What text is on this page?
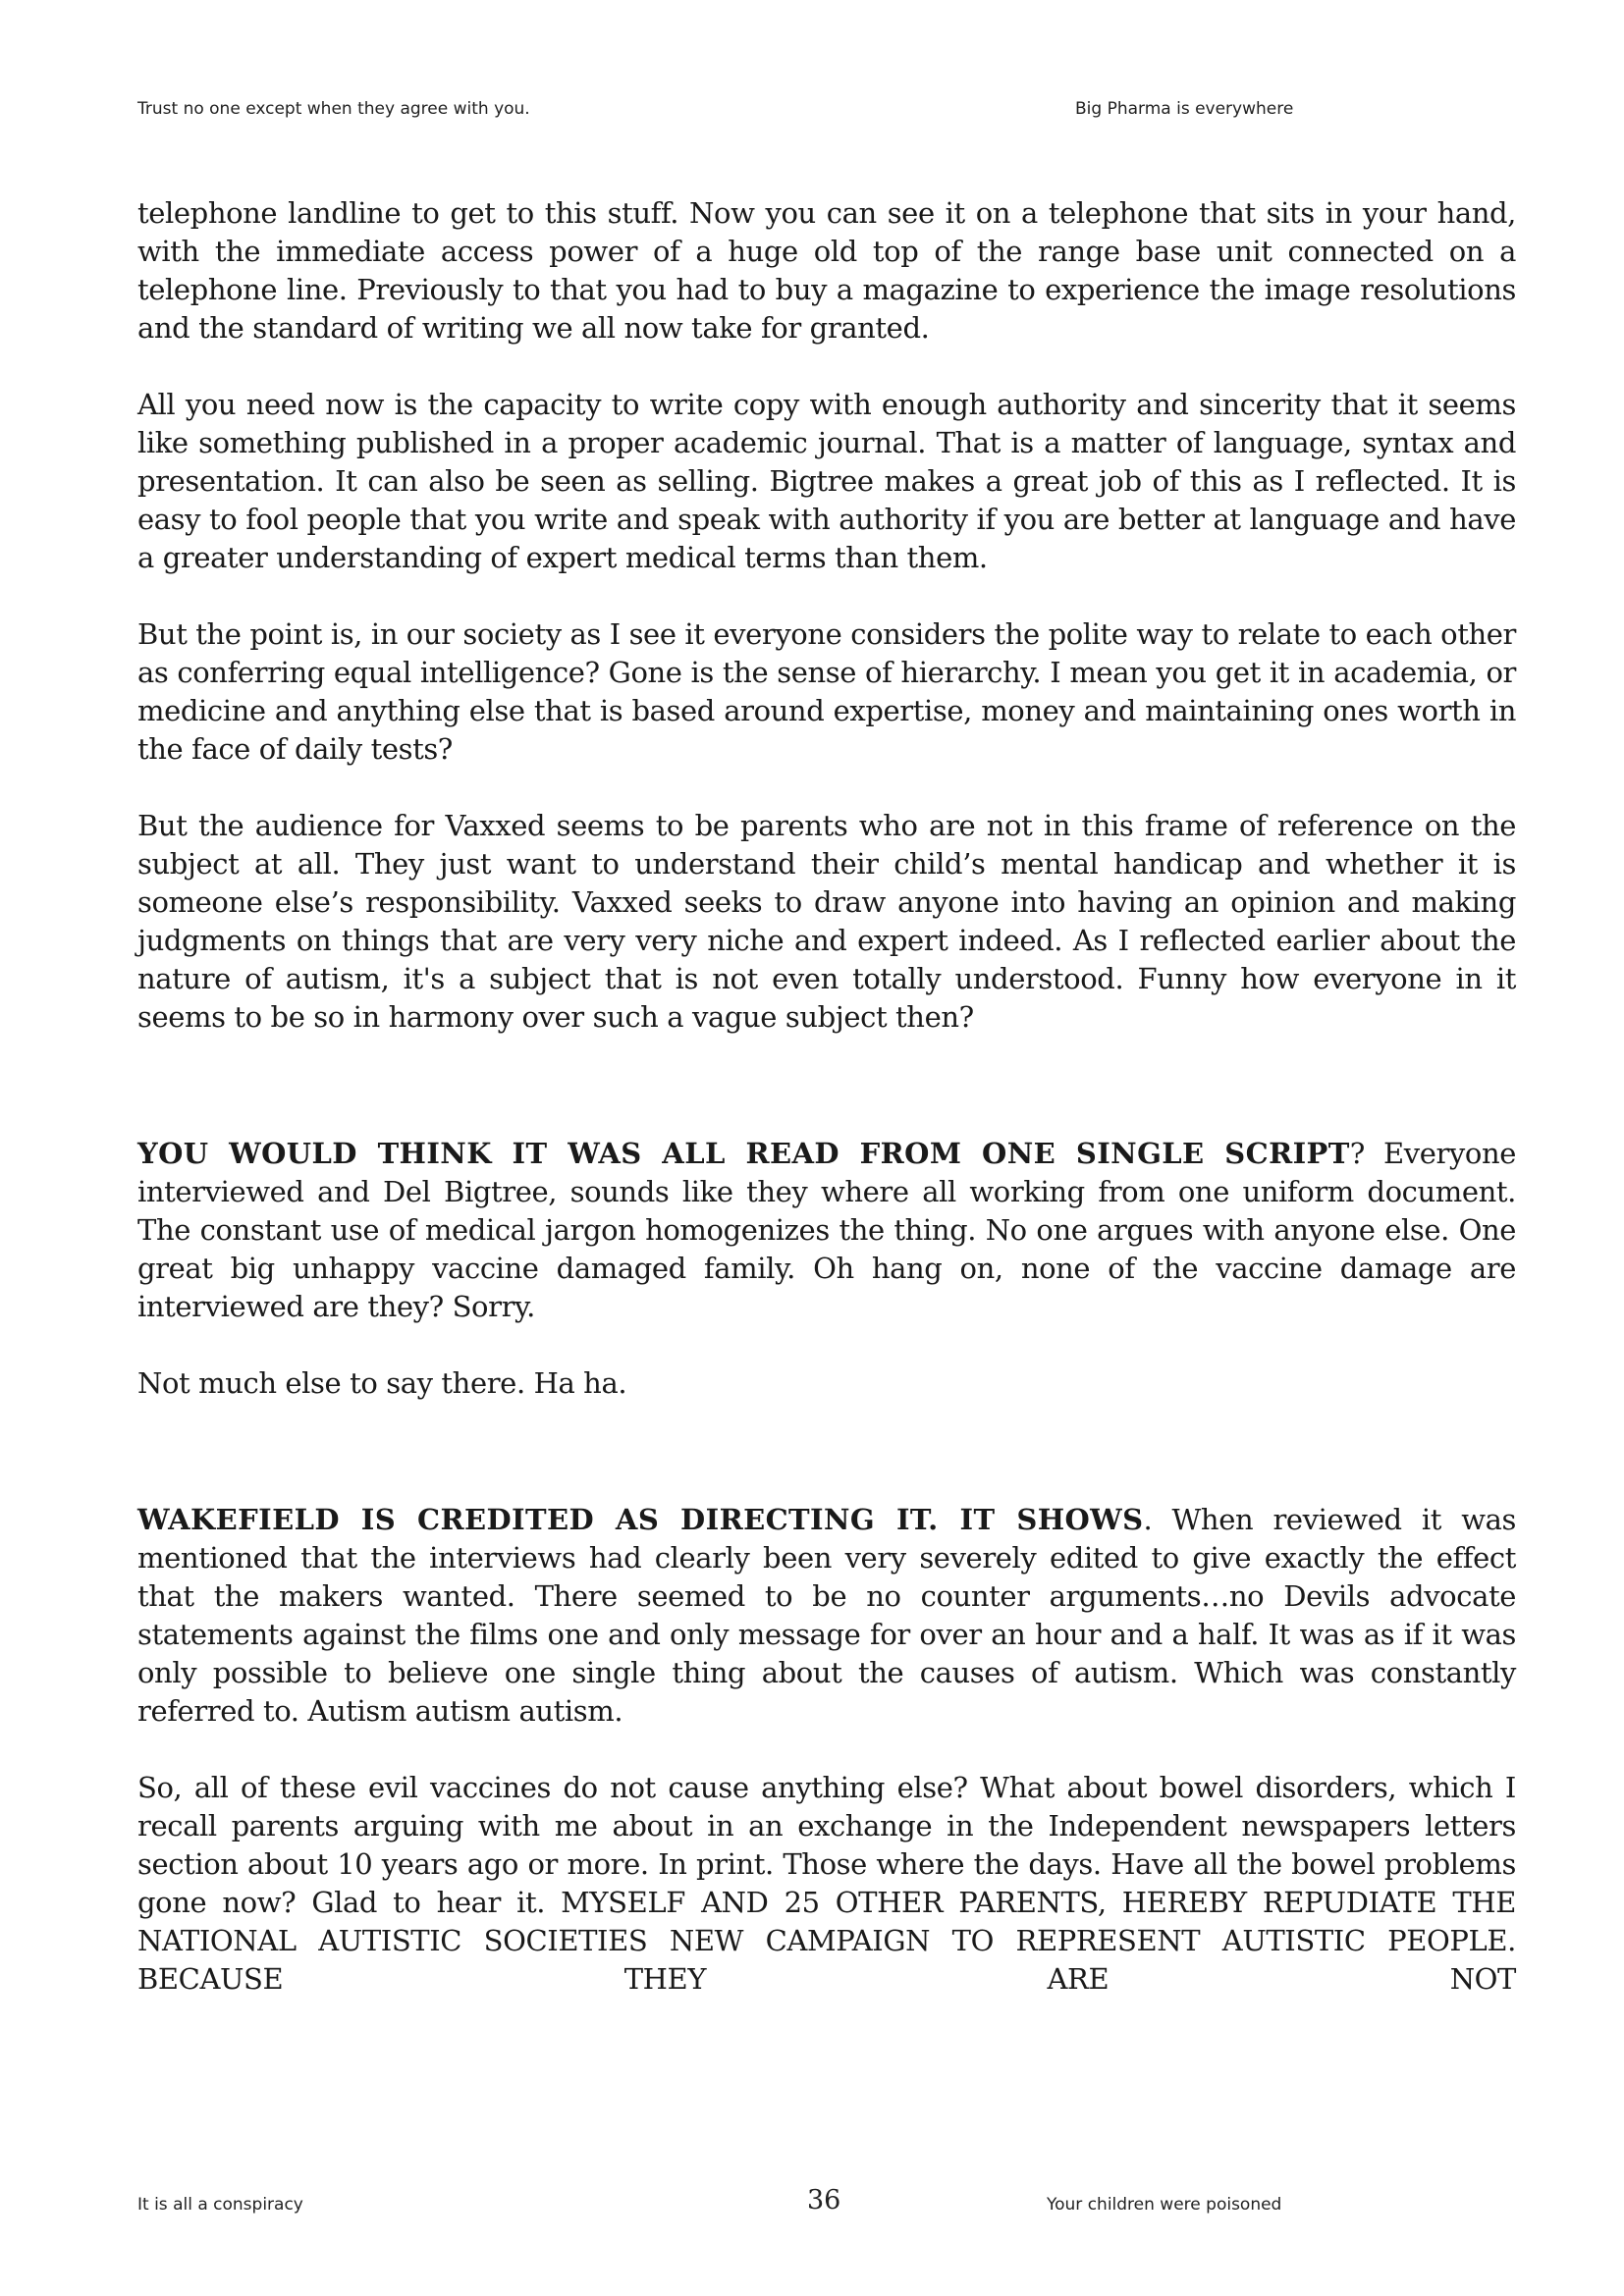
Trust no one except when they agree with you.	Big Pharma is everywhere

telephone landline to get to this stuff. Now you can see it on a telephone that sits in your hand, with the immediate access power of a huge old top of the range base unit connected on a telephone line. Previously to that you had to buy a magazine to experience the image resolutions and the standard of writing we all now take for granted.

All you need now is the capacity to write copy with enough authority and sincerity that it seems like something published in a proper academic journal. That is a matter of language, syntax and presentation. It can also be seen as selling. Bigtree makes a great job of this as I reflected. It is easy to fool people that you write and speak with authority if you are better at language and have a greater understanding of expert medical terms than them.

But the point is, in our society as I see it everyone considers the polite way to relate to each other as conferring equal intelligence? Gone is the sense of hierarchy. I mean you get it in academia, or medicine and anything else that is based around expertise, money and maintaining ones worth in the face of daily tests?

But the audience for Vaxxed seems to be parents who are not in this frame of reference on the subject at all. They just want to understand their child’s mental handicap and whether it is someone else’s responsibility. Vaxxed seeks to draw anyone into having an opinion and making judgments on things that are very very niche and expert indeed. As I reflected earlier about the nature of autism, it's a subject that is not even totally understood. Funny how everyone in it seems to be so in harmony over such a vague subject then?

YOU WOULD THINK IT WAS ALL READ FROM ONE SINGLE SCRIPT? Everyone interviewed and Del Bigtree, sounds like they where all working from one uniform document. The constant use of medical jargon homogenizes the thing. No one argues with anyone else. One great big unhappy vaccine damaged family. Oh hang on, none of the vaccine damage are interviewed are they? Sorry.

Not much else to say there. Ha ha.

WAKEFIELD IS CREDITED AS DIRECTING IT. IT SHOWS. When reviewed it was mentioned that the interviews had clearly been very severely edited to give exactly the effect that the makers wanted. There seemed to be no counter arguments…no Devils advocate statements against the films one and only message for over an hour and a half. It was as if it was only possible to believe one single thing about the causes of autism. Which was constantly referred to. Autism autism autism.

So, all of these evil vaccines do not cause anything else? What about bowel disorders, which I recall parents arguing with me about in an exchange in the Independent newspapers letters section about 10 years ago or more. In print. Those where the days. Have all the bowel problems gone now? Glad to hear it. MYSELF AND 25 OTHER PARENTS, HEREBY REPUDIATE THE NATIONAL AUTISTIC SOCIETIES NEW CAMPAIGN TO REPRESENT AUTISTIC PEOPLE. BECAUSE THEY ARE NOT

It is all a conspiracy	36	Your children were poisoned
